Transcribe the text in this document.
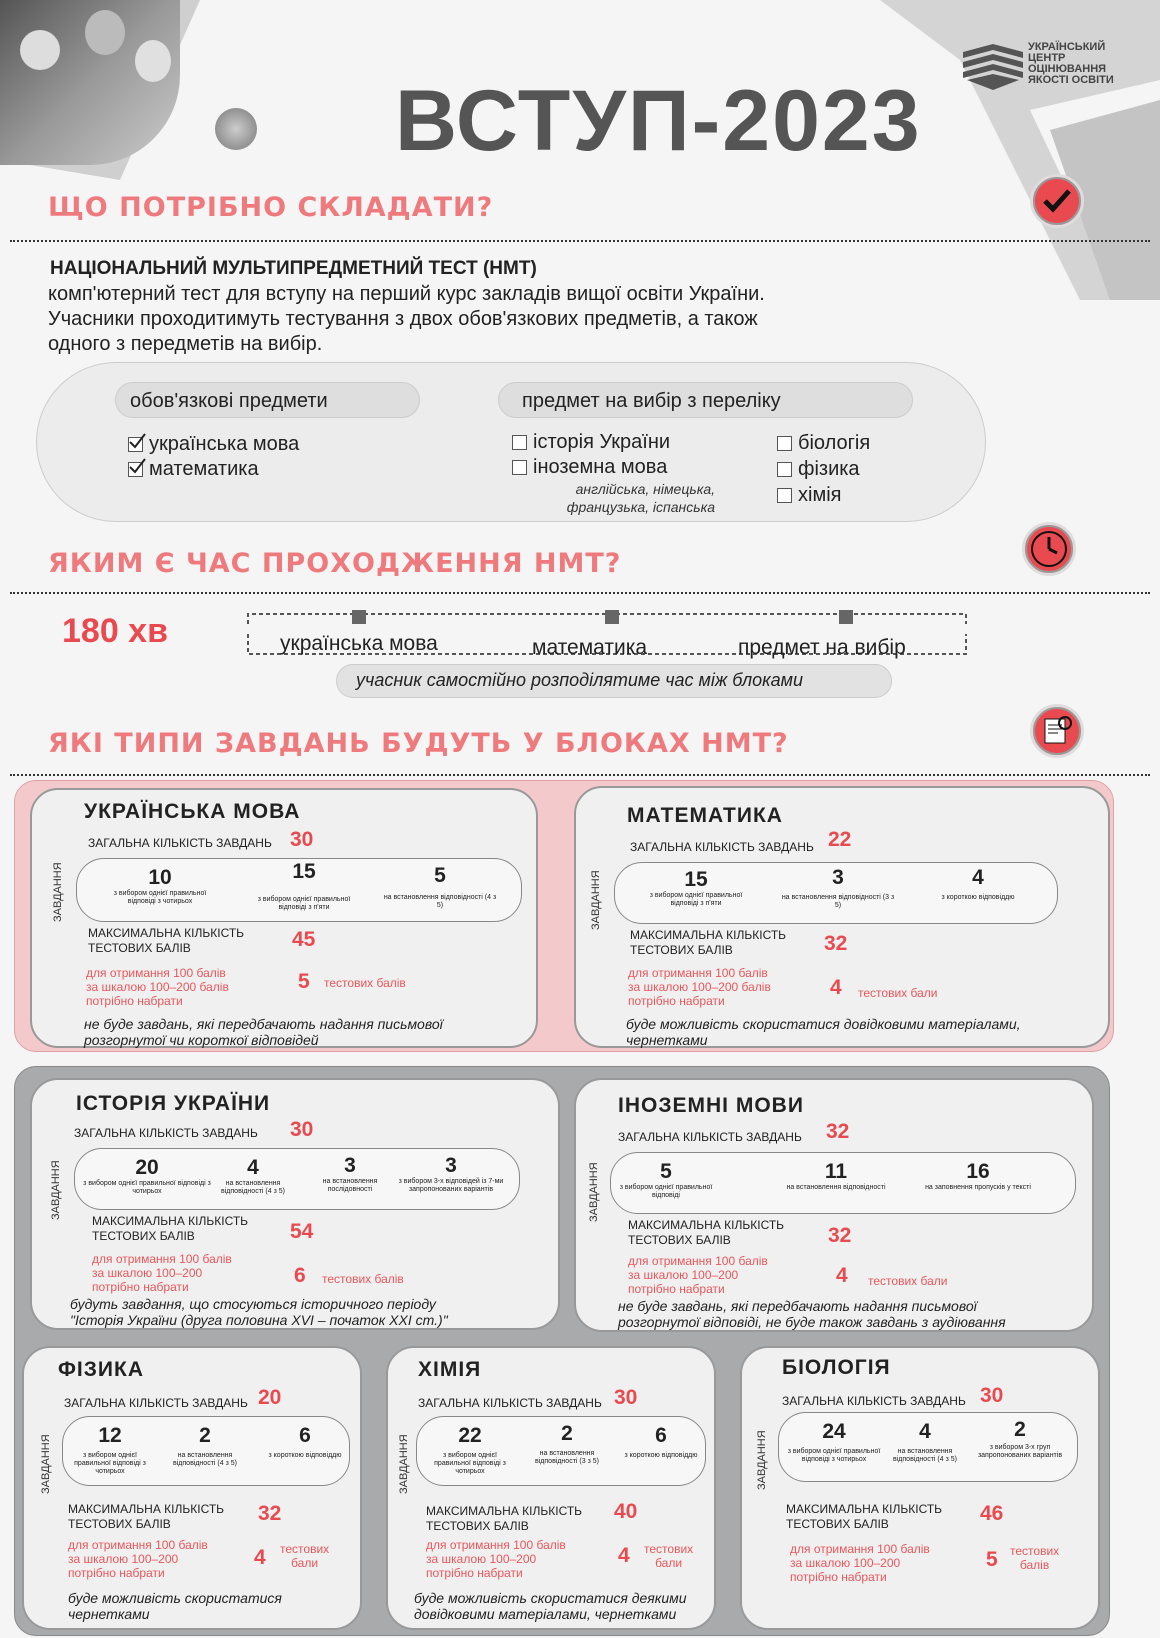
УКРАЇНСЬКИЙ
ЦЕНТР
ОЦІНЮВАННЯ
ЯКОСТІ ОСВІТИ
ВСТУП-2023
ЩО ПОТРІБНО СКЛАДАТИ?
НАЦІОНАЛЬНИЙ МУЛЬТИПРЕДМЕТНИЙ ТЕСТ (НМТ)
комп'ютерний тест для вступу на перший курс закладів вищої освіти України.
Учасники проходитимуть тестування з двох обов'язкових предметів, а також
одного з передметів на вибір.
обов'язкові предмети	предмет на вибір з переліку
українська мова
математика
історія України
іноземна мова
англійська, німецька,
французька, іспанська
біологія
фізика
хімія
ЯКИМ Є ЧАС ПРОХОДЖЕННЯ НМТ?
180 хв	українська мова	математика	предмет на вибір
учасник самостійно розподілятиме час між блоками
ЯКІ ТИПИ ЗАВДАНЬ БУДУТЬ У БЛОКАХ НМТ?
УКРАЇНСЬКА МОВА
ЗАГАЛЬНА КІЛЬКІСТЬ ЗАВДАНЬ 30
ЗАВДАННЯ	10
з вибором однієї правильної відповіді з чотирьох
15
з вибором однієї правильної відповіді з п'яти
5
на встановлення відповідності (4 з 5)
МАКСИМАЛЬНА КІЛЬКІСТЬ
ТЕСТОВИХ БАЛІВ	45
для отримання 100 балів
за шкалою 100–200 балів
потрібно набрати
5 тестових балів
не буде завдань, які передбачають надання письмової
розгорнутої чи короткої відповідей
МАТЕМАТИКА
ЗАГАЛЬНА КІЛЬКІСТЬ ЗАВДАНЬ 22
ЗАВДАННЯ	15
з вибором однієї правильної відповіді з п'яти
3
на встановлення відповідності (3 з 5)
4
з короткою відповіддю
МАКСИМАЛЬНА КІЛЬКІСТЬ
ТЕСТОВИХ БАЛІВ	32
для отримання 100 балів
за шкалою 100–200 балів
потрібно набрати
4 тестових бали
буде можливість скористатися довідковими матеріалами,
чернетками
ІСТОРІЯ УКРАЇНИ
ЗАГАЛЬНА КІЛЬКІСТЬ ЗАВДАНЬ 30
ЗАВДАННЯ	20
з вибором однієї правильної відповіді з чотирьох
4
на встановлення відповідності (4 з 5)
3
на встановлення послідовності
3
з вибором 3-х відповідей із 7-ми запропонованих варіантів
МАКСИМАЛЬНА КІЛЬКІСТЬ
ТЕСТОВИХ БАЛІВ	54
для отримання 100 балів
за шкалою 100–200
потрібно набрати	6 тестових балів
будуть завдання, що стосуються історичного періоду
"Історія України (друга половина XVI – початок XXI ст.)"
ІНОЗЕМНІ МОВИ
ЗАГАЛЬНА КІЛЬКІСТЬ ЗАВДАНЬ 32
ЗАВДАННЯ	5
з вибором однієї правильної відповіді
11
на встановлення відповідності
16
на заповнення пропусків у тексті
МАКСИМАЛЬНА КІЛЬКІСТЬ
ТЕСТОВИХ БАЛІВ	32
для отримання 100 балів
за шкалою 100–200
потрібно набрати
4 тестових бали
не буде завдань, які передбачають надання письмової
розгорнутої відповіді, не буде також завдань з аудіювання
ФІЗИКА
ЗАГАЛЬНА КІЛЬКІСТЬ ЗАВДАНЬ 20
ЗАВДАННЯ	12
з вибором однієї правильної відповіді з чотирьох
2
на встановлення відповідності (4 з 5)
6
з короткою відповіддю
МАКСИМАЛЬНА КІЛЬКІСТЬ
ТЕСТОВИХ БАЛІВ	32
для отримання 100 балів
за шкалою 100–200
потрібно набрати
4 тестових
бали
буде можливість скористатися
чернетками
ХІМІЯ
ЗАГАЛЬНА КІЛЬКІСТЬ ЗАВДАНЬ 30
ЗАВДАННЯ	22
з вибором однієї правильної відповіді з чотирьох
2
на встановлення відповідності (3 з 5)
6
з короткою відповіддю
МАКСИМАЛЬНА КІЛЬКІСТЬ
ТЕСТОВИХ БАЛІВ
40
для отримання 100 балів
за шкалою 100–200
потрібно набрати
4 тестових
бали
буде можливість скористатися деякими
довідковими матеріалами, чернетками
БІОЛОГІЯ
ЗАГАЛЬНА КІЛЬКІСТЬ ЗАВДАНЬ 30
ЗАВДАННЯ	24
з вибором однієї правильної відповіді з чотирьох
4
на встановлення відповідності (4 з 5)
2
з вибором 3-х груп запропонованих варіантів
МАКСИМАЛЬНА КІЛЬКІСТЬ
ТЕСТОВИХ БАЛІВ	46
для отримання 100 балів
за шкалою 100–200
потрібно набрати
5 тестових
балів
